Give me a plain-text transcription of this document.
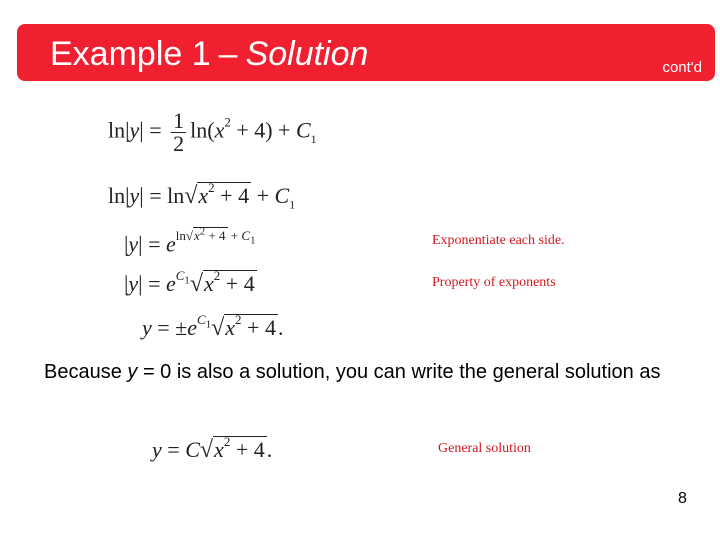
Example 1 – Solution	cont'd
$\ln|y| = \frac{1}{2} \ln(x^2 + 4) + C_1$
$\ln|y| = \ln√x^2 + 4 + C_1$
$|y| = e^{ln√x^2 + 4 + C_1}$	Exponentiate each side.
$|y| = e^{C_1}√x^2 + 4$	Property of exponents
$y = \pm e^{C_1}√x^2 + 4$.
Because y = 0 is also a solution, you can write the general solution as
$y = C√x^2 + 4$.	General solution
8
